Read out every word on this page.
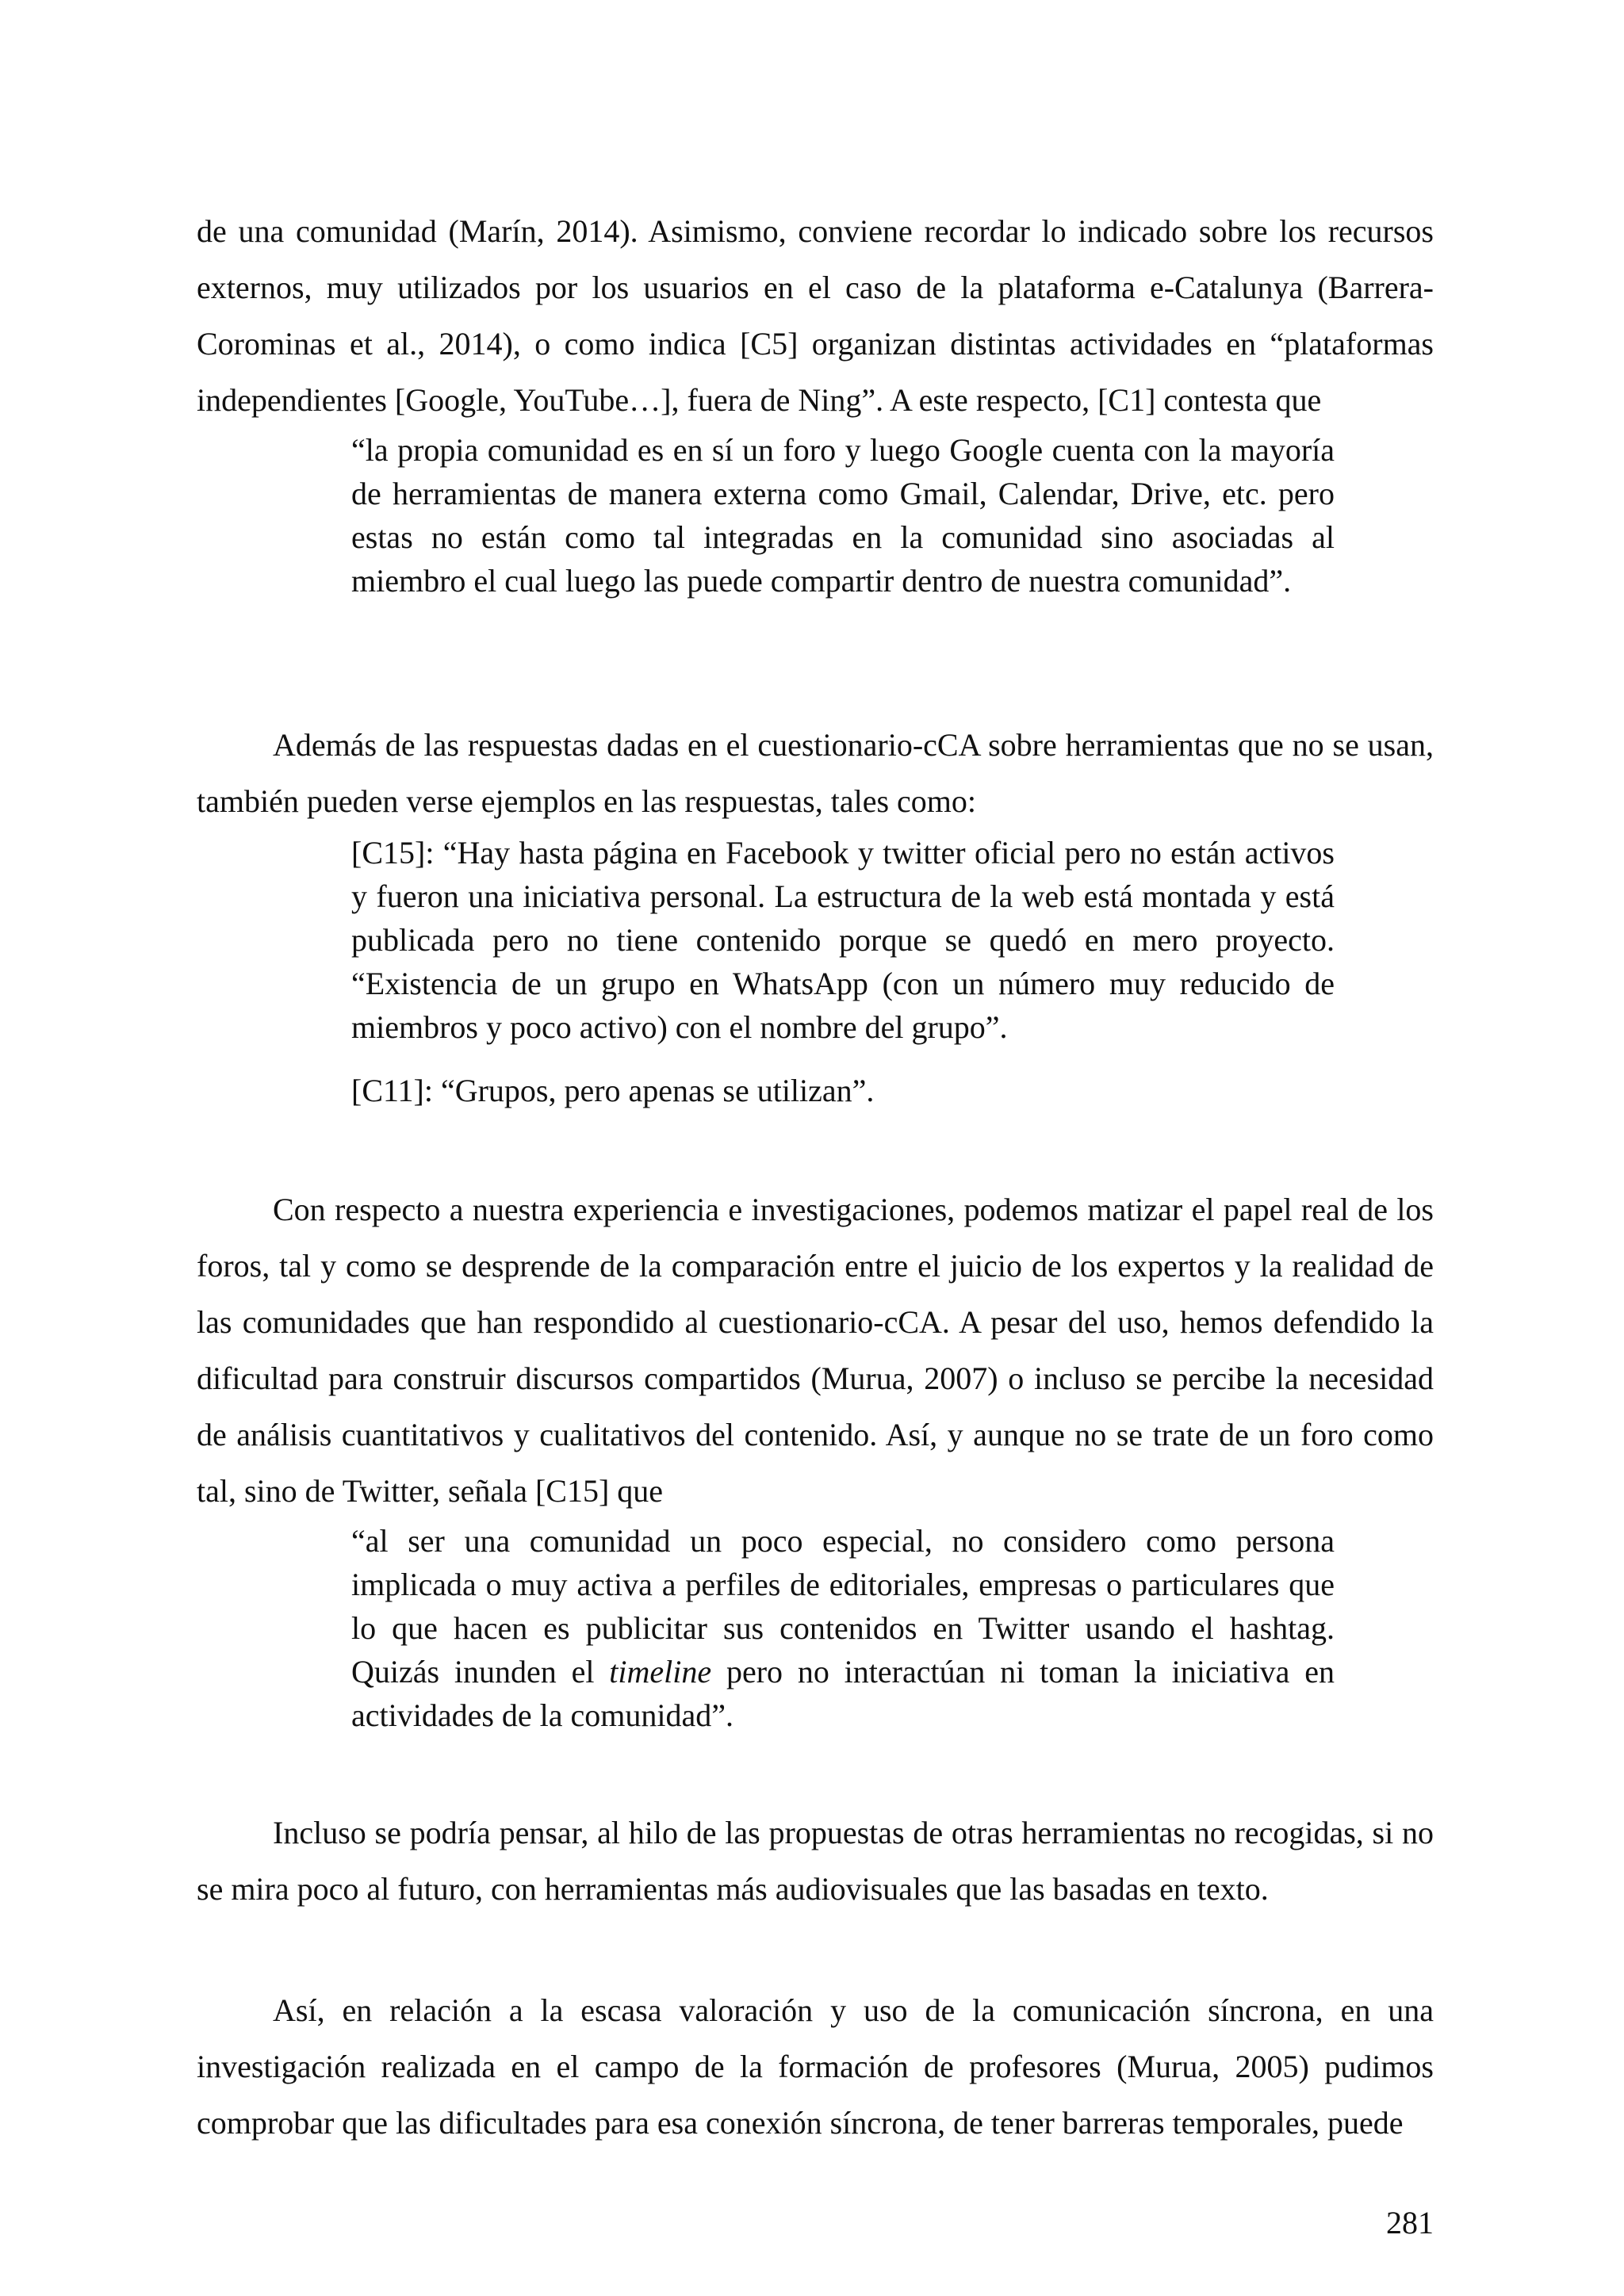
de una comunidad (Marín, 2014). Asimismo, conviene recordar lo indicado sobre los recursos externos, muy utilizados por los usuarios en el caso de la plataforma e-Catalunya (Barrera-Corominas et al., 2014), o como indica [C5] organizan distintas actividades en “plataformas independientes [Google, YouTube…], fuera de Ning”. A este respecto, [C1] contesta que

“la propia comunidad es en sí un foro y luego Google cuenta con la mayoría de herramientas de manera externa como Gmail, Calendar, Drive, etc. pero estas no están como tal integradas en la comunidad sino asociadas al miembro el cual luego las puede compartir dentro de nuestra comunidad”.

Además de las respuestas dadas en el cuestionario-cCA sobre herramientas que no se usan, también pueden verse ejemplos en las respuestas, tales como:

[C15]: “Hay hasta página en Facebook y twitter oficial pero no están activos y fueron una iniciativa personal. La estructura de la web está montada y está publicada pero no tiene contenido porque se quedó en mero proyecto. “Existencia de un grupo en WhatsApp (con un número muy reducido de miembros y poco activo) con el nombre del grupo”.

[C11]: “Grupos, pero apenas se utilizan”.

Con respecto a nuestra experiencia e investigaciones, podemos matizar el papel real de los foros, tal y como se desprende de la comparación entre el juicio de los expertos y la realidad de las comunidades que han respondido al cuestionario-cCA. A pesar del uso, hemos defendido la dificultad para construir discursos compartidos (Murua, 2007) o incluso se percibe la necesidad de análisis cuantitativos y cualitativos del contenido. Así, y aunque no se trate de un foro como tal, sino de Twitter, señala [C15] que

“al ser una comunidad un poco especial, no considero como persona implicada o muy activa a perfiles de editoriales, empresas o particulares que lo que hacen es publicitar sus contenidos en Twitter usando el hashtag. Quizás inunden el timeline pero no interactúan ni toman la iniciativa en actividades de la comunidad”.

Incluso se podría pensar, al hilo de las propuestas de otras herramientas no recogidas, si no se mira poco al futuro, con herramientas más audiovisuales que las basadas en texto.

Así, en relación a la escasa valoración y uso de la comunicación síncrona, en una investigación realizada en el campo de la formación de profesores (Murua, 2005) pudimos comprobar que las dificultades para esa conexión síncrona, de tener barreras temporales, puede

281
